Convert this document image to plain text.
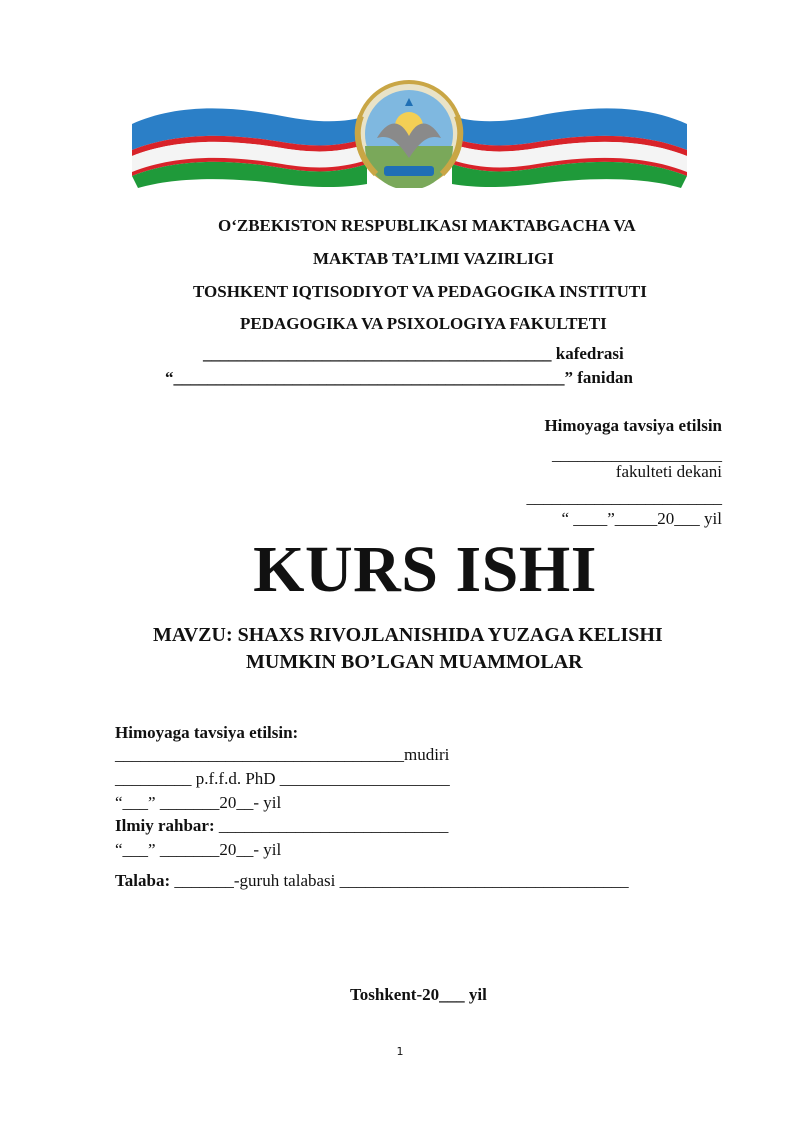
O‘ZBEKISTON RESPUBLIKASI MAKTABGACHA VA
MAKTAB TA’LIMI VAZIRLIGI
TOSHKENT IQTISODIYOT VA PEDAGOGIKA INSTITUTI
PEDAGOGIKA VA PSIXOLOGIYA FAKULTETI
_________________________________________ kafedrasi
“______________________________________________” fanidan
Himoyaga tavsiya etilsin
____________________
fakulteti dekani
_______________________
“ ____”_____20___ yil
KURS ISHI
MAVZU: SHAXS RIVOJLANISHIDA YUZAGA KELISHI
MUMKIN BO’LGAN MUAMMOLAR
Himoyaga tavsiya etilsin:
__________________________________mudiri
_________ p.f.f.d. PhD ____________________
“___” _______20__- yil
Ilmiy rahbar: ___________________________
“___” _______20__- yil
Talaba: _______-guruh talabasi __________________________________
Toshkent-20___ yil
1
